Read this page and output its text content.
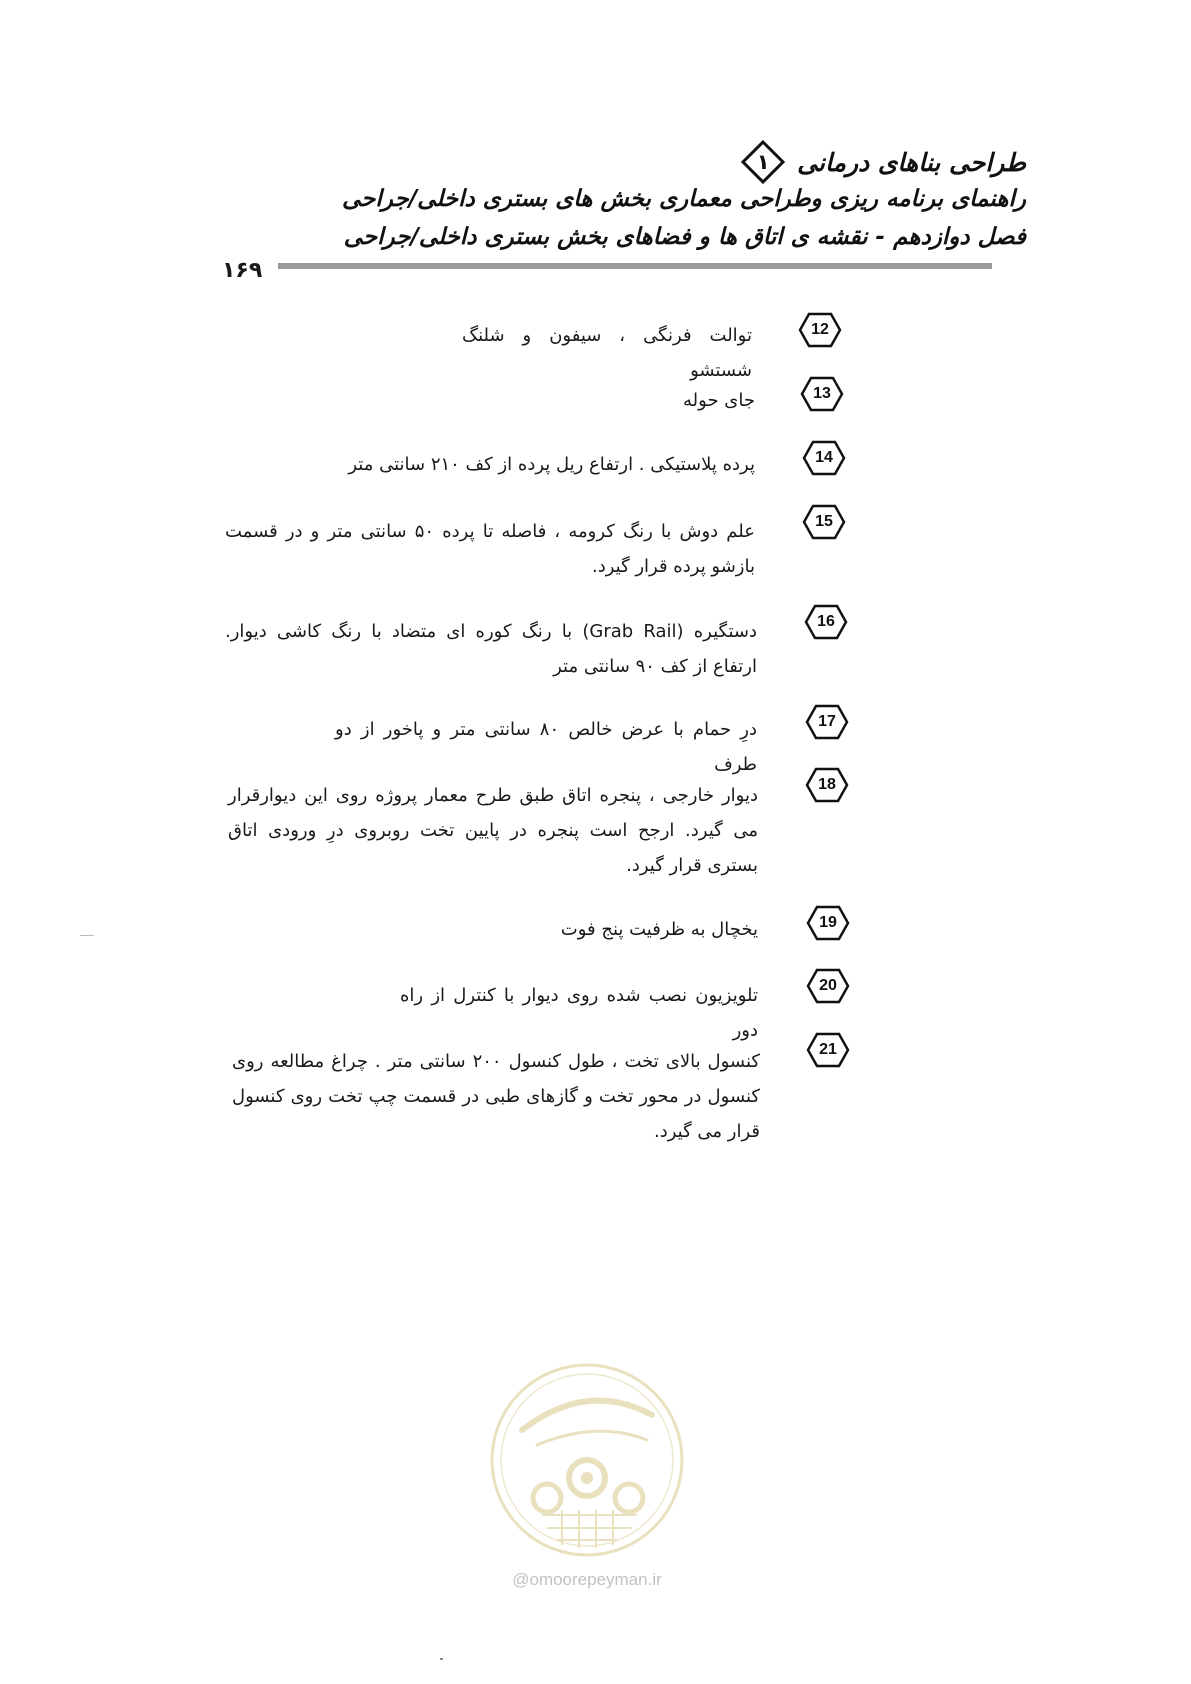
طراحی بناهای درمانی
۱
راهنمای برنامه ریزی وطراحی معماری بخش های بستری داخلی/جراحی
فصل دوازدهم - نقشه ی اتاق ها و فضاهای بخش بستری داخلی/جراحی
۱۶۹
12
توالت فرنگی ، سیفون و شلنگ شستشو
13
جای حوله
14
پرده پلاستیکی . ارتفاع ریل پرده از کف ۲۱۰ سانتی متر
15
علم دوش با رنگ کرومه ، فاصله تا پرده ۵۰ سانتی متر و در قسمت بازشو پرده قرار گیرد.
16
دستگیره (Grab Rail) با رنگ کوره ای متضاد با رنگ کاشی دیوار. ارتفاع از کف ۹۰ سانتی متر
17
درِ حمام با عرض خالص ۸۰ سانتی متر و پاخور از دو طرف
18
دیوار خارجی ، پنجره اتاق طبق طرح معمار پروژه روی این دیوارقرار می گیرد. ارجح است پنجره در پایین تخت روبروی درِ ورودی اتاق بستری قرار گیرد.
19
یخچال به ظرفیت پنج فوت
20
تلویزیون نصب شده روی دیوار با کنترل از راه دور
21
کنسول بالای تخت ، طول کنسول ۲۰۰ سانتی متر . چراغ مطالعه روی کنسول در محور تخت و گازهای طبی در قسمت چپ تخت روی کنسول قرار می گیرد.
@omoorepeyman.ir
